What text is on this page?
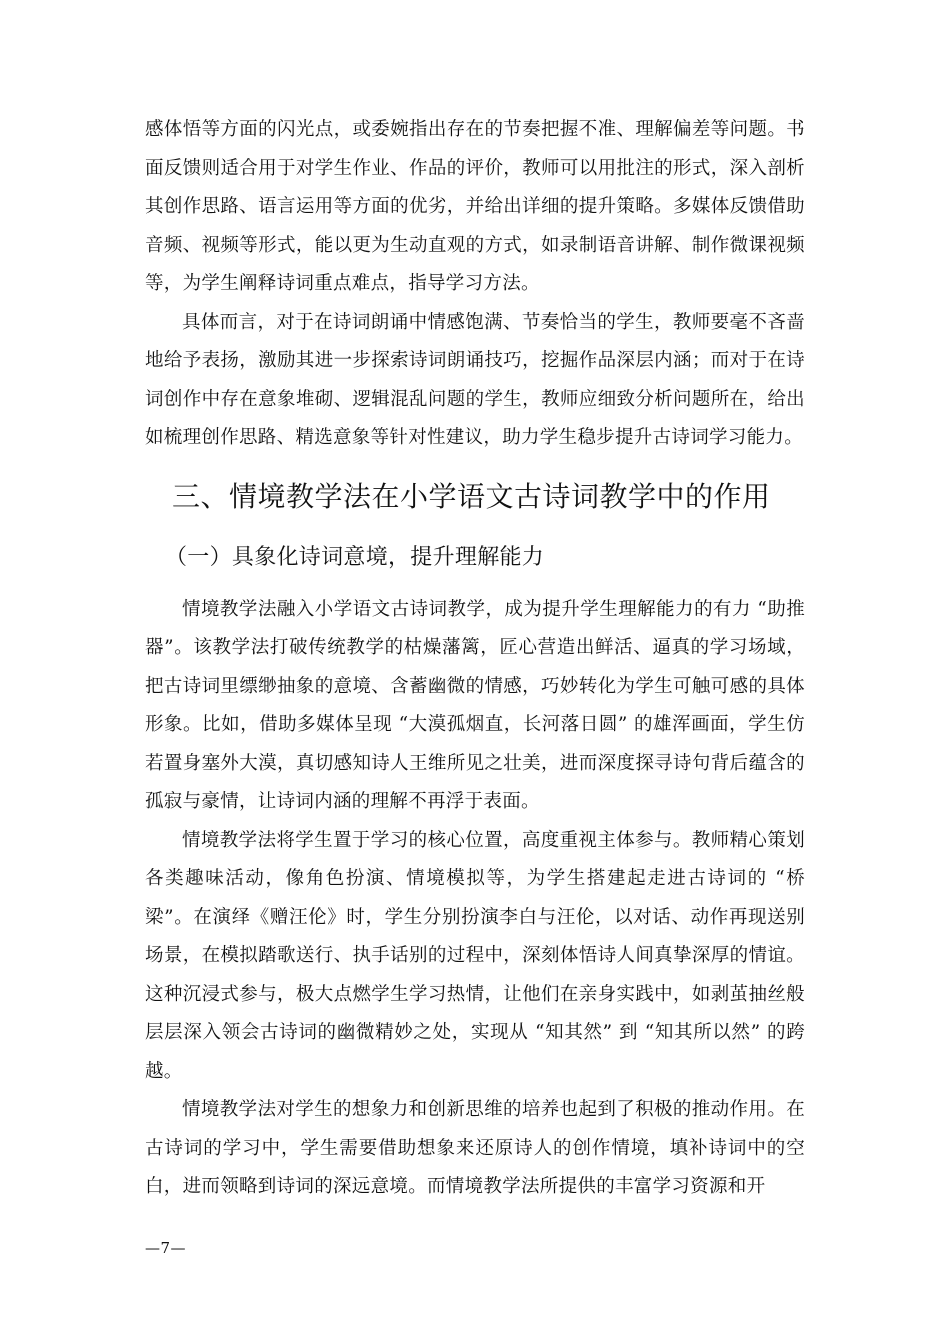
感体悟等方面的闪光点，或委婉指出存在的节奏把握不准、理解偏差等问题。书面反馈则适合用于对学生作业、作品的评价，教师可以用批注的形式，深入剖析其创作思路、语言运用等方面的优劣，并给出详细的提升策略。多媒体反馈借助音频、视频等形式，能以更为生动直观的方式，如录制语音讲解、制作微课视频等，为学生阐释诗词重点难点，指导学习方法。

具体而言，对于在诗词朗诵中情感饱满、节奏恰当的学生，教师要毫不吝啬地给予表扬，激励其进一步探索诗词朗诵技巧，挖掘作品深层内涵；而对于在诗词创作中存在意象堆砌、逻辑混乱问题的学生，教师应细致分析问题所在，给出如梳理创作思路、精选意象等针对性建议，助力学生稳步提升古诗词学习能力。

三、情境教学法在小学语文古诗词教学中的作用
（一）具象化诗词意境，提升理解能力

情境教学法融入小学语文古诗词教学，成为提升学生理解能力的有力 “助推器”。该教学法打破传统教学的枯燥藩篱，匠心营造出鲜活、逼真的学习场域，把古诗词里缥缈抽象的意境、含蓄幽微的情感，巧妙转化为学生可触可感的具体形象。比如，借助多媒体呈现 “大漠孤烟直，长河落日圆” 的雄浑画面，学生仿若置身塞外大漠，真切感知诗人王维所见之壮美，进而深度探寻诗句背后蕴含的孤寂与豪情，让诗词内涵的理解不再浮于表面。

情境教学法将学生置于学习的核心位置，高度重视主体参与。教师精心策划各类趣味活动，像角色扮演、情境模拟等，为学生搭建起走进古诗词的 “桥梁”。在演绎《赠汪伦》时，学生分别扮演李白与汪伦，以对话、动作再现送别场景，在模拟踏歌送行、执手话别的过程中，深刻体悟诗人间真挚深厚的情谊。这种沉浸式参与，极大点燃学生学习热情，让他们在亲身实践中，如剥茧抽丝般层层深入领会古诗词的幽微精妙之处，实现从 “知其然” 到 “知其所以然” 的跨越。

情境教学法对学生的想象力和创新思维的培养也起到了积极的推动作用。在古诗词的学习中，学生需要借助想象来还原诗人的创作情境，填补诗词中的空白，进而领略到诗词的深远意境。而情境教学法所提供的丰富学习资源和开

—7—
